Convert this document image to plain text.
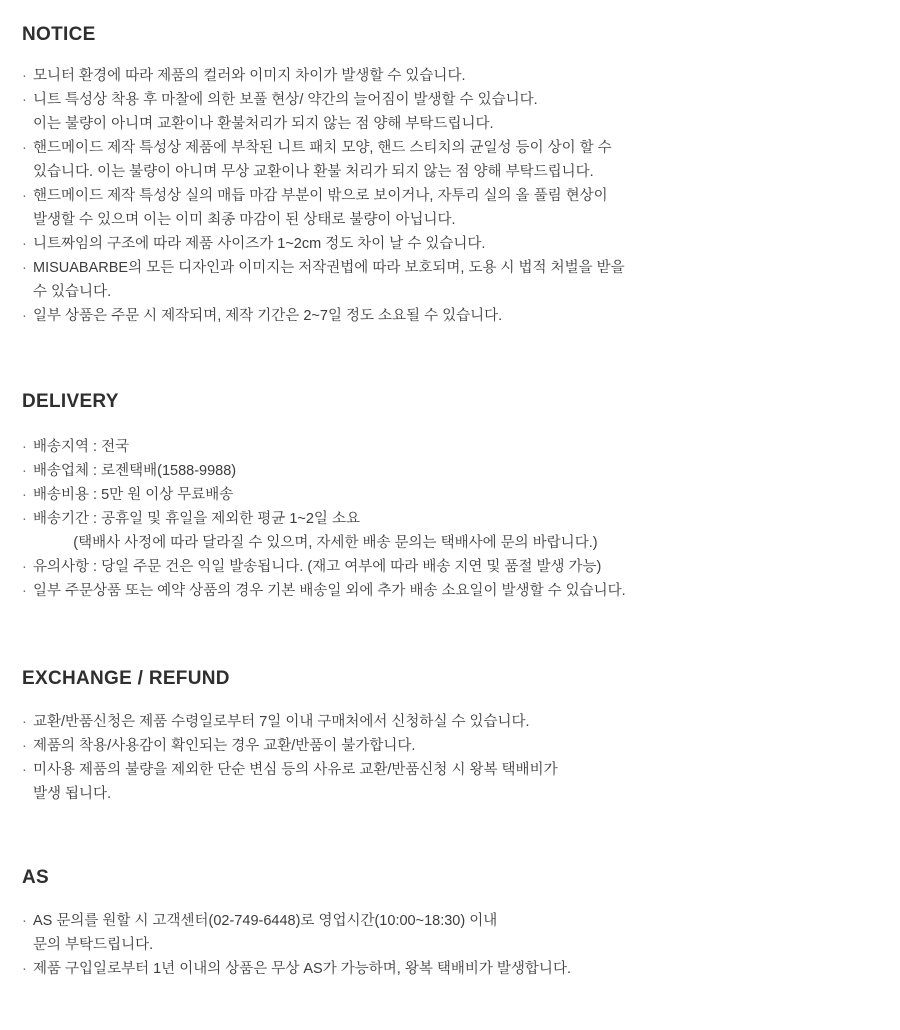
NOTICE
· 모니터 환경에 따라 제품의 컬러와 이미지 차이가 발생할 수 있습니다.
· 니트 특성상 착용 후 마찰에 의한 보풀 현상/ 약간의 늘어짐이 발생할 수 있습니다.
이는 불량이 아니며 교환이나 환불처리가 되지 않는 점 양해 부탁드립니다.
· 핸드메이드 제작 특성상 제품에 부착된 니트 패치 모양, 핸드 스티치의 균일성 등이 상이 할 수
있습니다. 이는 불량이 아니며 무상 교환이나 환불 처리가 되지 않는 점 양해 부탁드립니다.
· 핸드메이드 제작 특성상 실의 매듭 마감 부분이 밖으로 보이거나, 자투리 실의 올 풀림 현상이
발생할 수 있으며 이는 이미 최종 마감이 된 상태로 불량이 아닙니다.
· 니트짜임의 구조에 따라 제품 사이즈가 1~2cm 정도 차이 날 수 있습니다.
· MISUABARBE의 모든 디자인과 이미지는 저작권법에 따라 보호되며, 도용 시 법적 처벌을 받을
수 있습니다.
· 일부 상품은 주문 시 제작되며, 제작 기간은 2~7일 정도 소요될 수 있습니다.
DELIVERY
· 배송지역 : 전국
· 배송업체 : 로젠택배(1588-9988)
· 배송비용 : 5만 원 이상 무료배송
· 배송기간 : 공휴일 및 휴일을 제외한 평균 1~2일 소요
(택배사 사정에 따라 달라질 수 있으며, 자세한 배송 문의는 택배사에 문의 바랍니다.)
· 유의사항 : 당일 주문 건은 익일 발송됩니다. (재고 여부에 따라 배송 지연 및 품절 발생 가능)
· 일부 주문상품 또는 예약 상품의 경우 기본 배송일 외에 추가 배송 소요일이 발생할 수 있습니다.
EXCHANGE / REFUND
· 교환/반품신청은 제품 수령일로부터 7일 이내 구매처에서 신청하실 수 있습니다.
· 제품의 착용/사용감이 확인되는 경우 교환/반품이 불가합니다.
· 미사용 제품의 불량을 제외한 단순 변심 등의 사유로 교환/반품신청 시 왕복 택배비가
발생 됩니다.
AS
· AS 문의를 원할 시 고객센터(02-749-6448)로 영업시간(10:00~18:30) 이내
문의 부탁드립니다.
· 제품 구입일로부터 1년 이내의 상품은 무상 AS가 가능하며, 왕복 택배비가 발생합니다.
